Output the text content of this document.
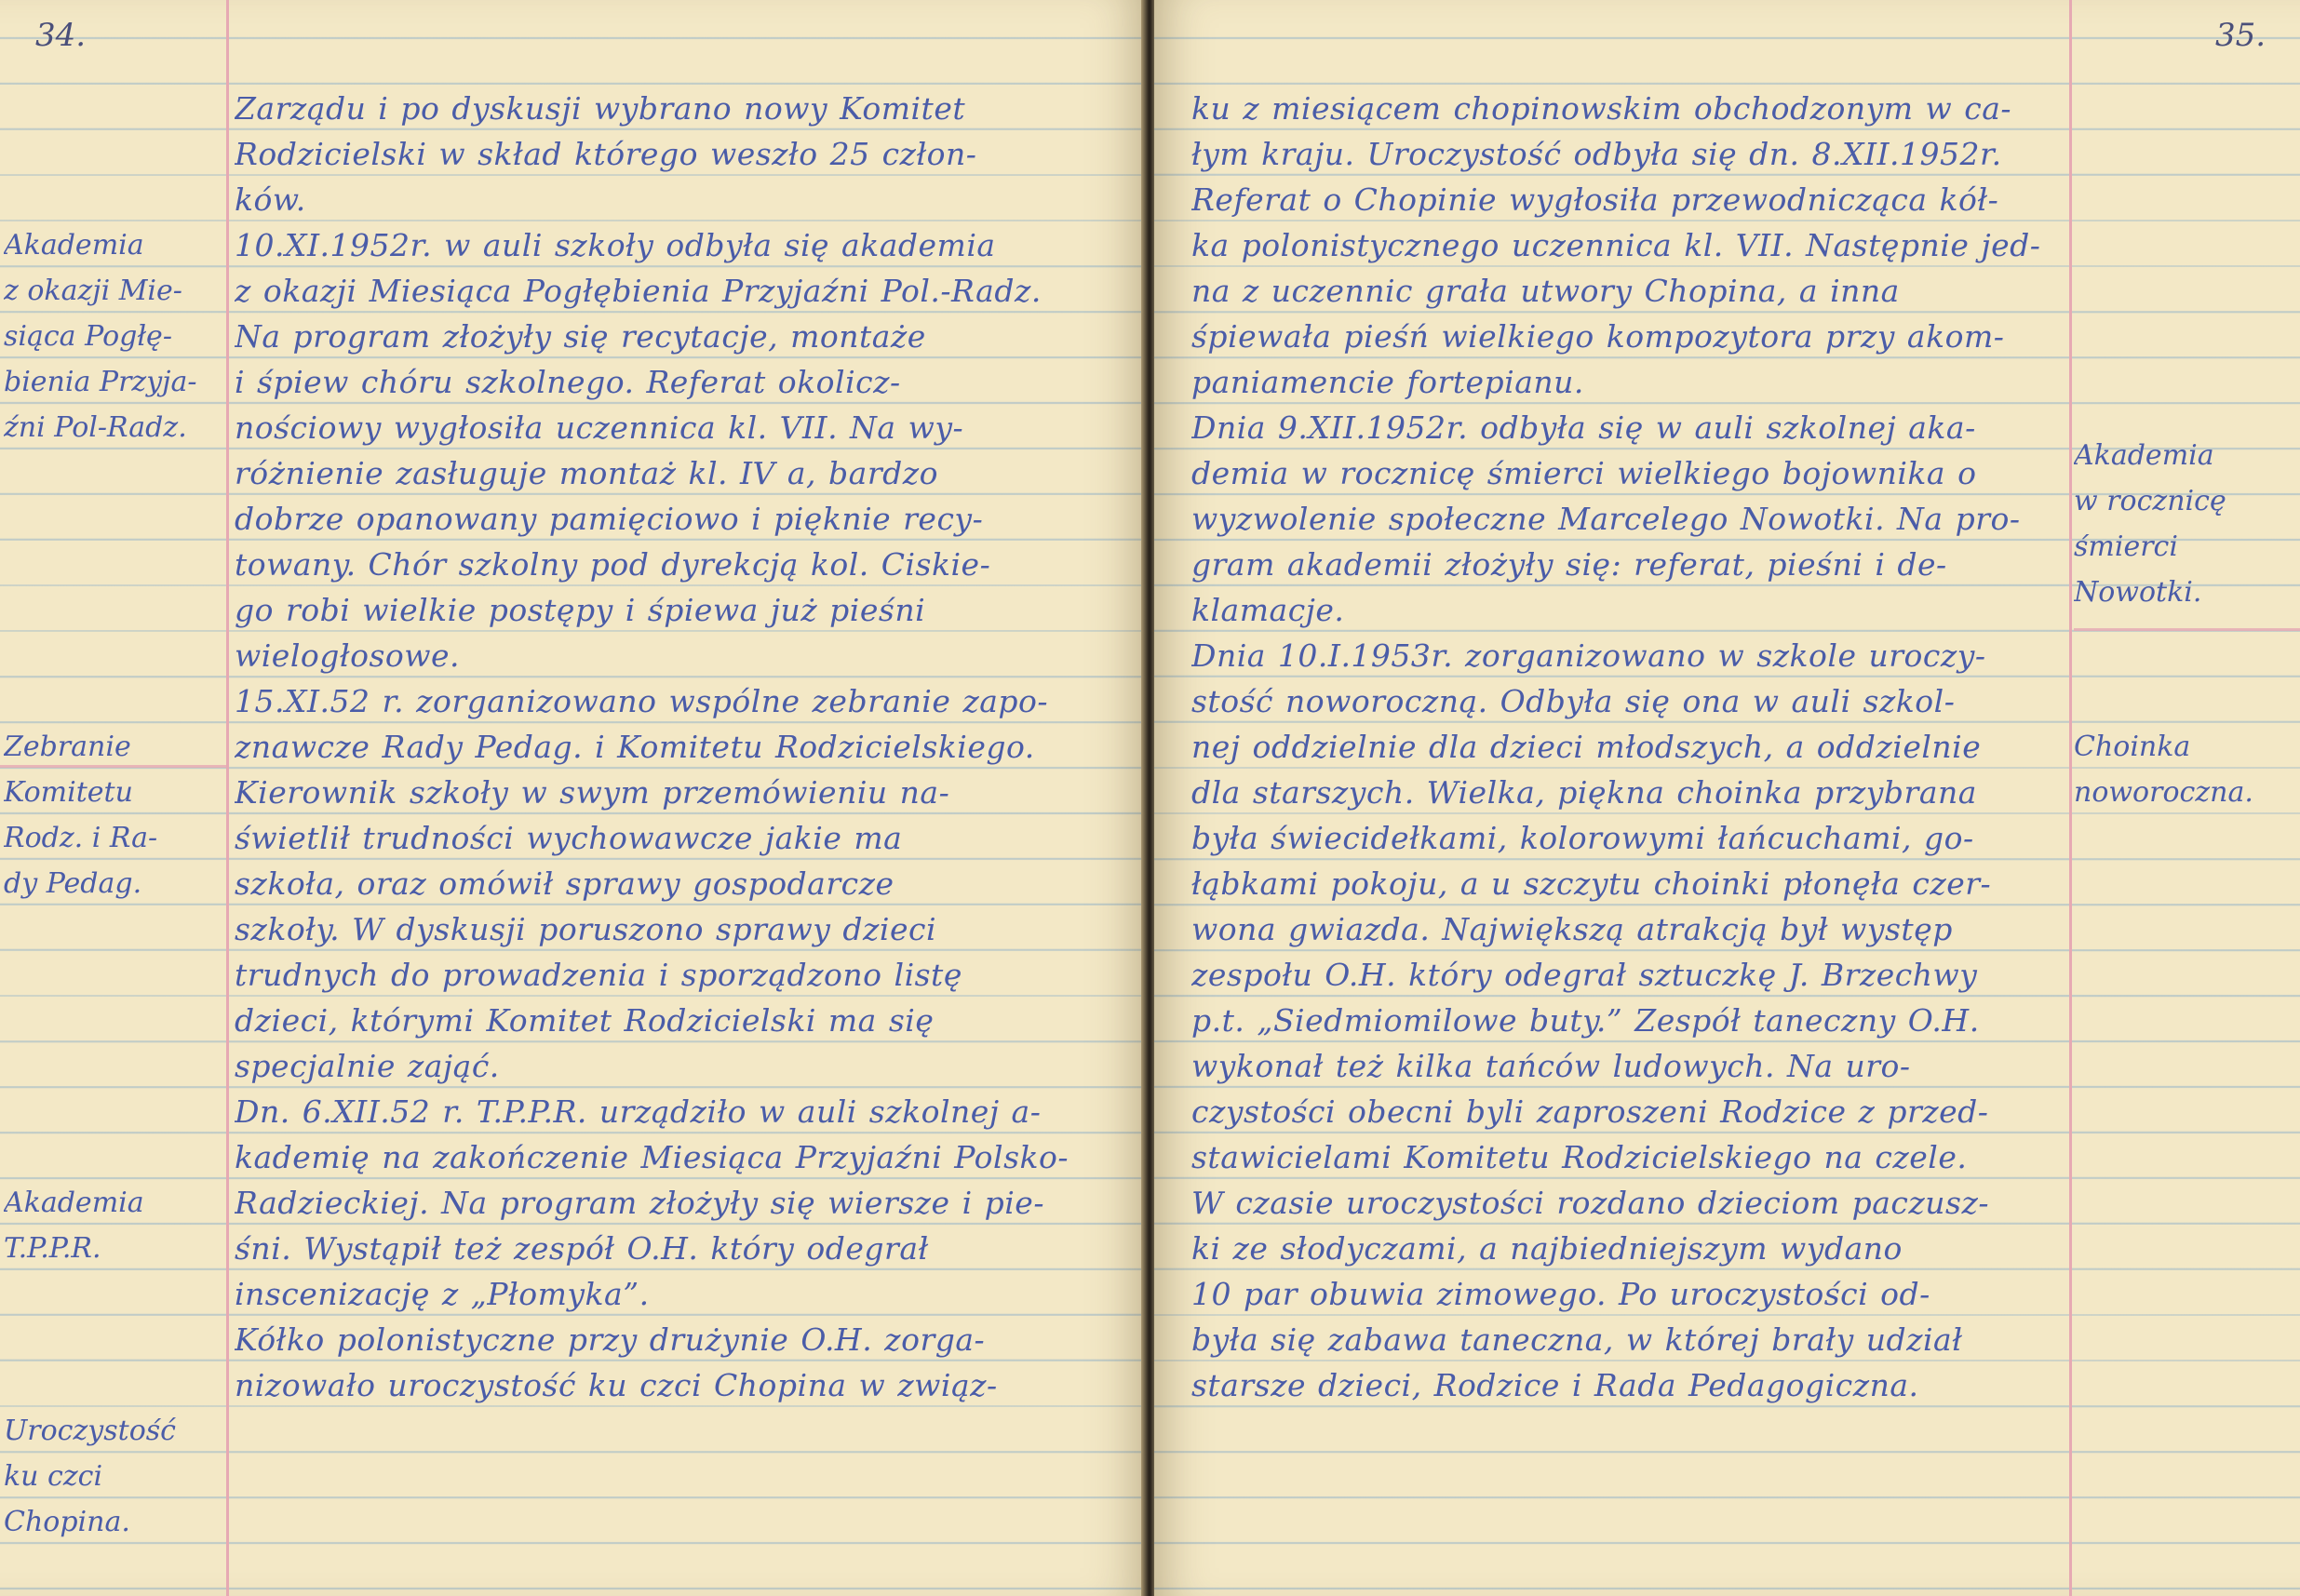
34.
Zarządu i po dyskusji wybrano nowy Komitet
Rodzicielski w skład którego weszło 25 człon-
ków.
10.XI.1952r. w auli szkoły odbyła się akademia
z okazji Miesiąca Pogłębienia Przyjaźni Pol.-Radz.
Na program złożyły się recytacje, montaże
i śpiew chóru szkolnego. Referat okolicz-
nościowy wygłosiła uczennica kl. VII. Na wy-
różnienie zasługuje montaż kl. IV a, bardzo
dobrze opanowany pamięciowo i pięknie recy-
towany. Chór szkolny pod dyrekcją kol. Ciskie-
go robi wielkie postępy i śpiewa już pieśni
wielogłosowe.
15.XI.52 r. zorganizowano wspólne zebranie zapo-
znawcze Rady Pedag. i Komitetu Rodzicielskiego.
Kierownik szkoły w swym przemówieniu na-
świetlił trudności wychowawcze jakie ma
szkoła, oraz omówił sprawy gospodarcze
szkoły. W dyskusji poruszono sprawy dzieci
trudnych do prowadzenia i sporządzono listę
dzieci, którymi Komitet Rodzicielski ma się
specjalnie zająć.
Dn. 6.XII.52 r. T.P.P.R. urządziło w auli szkolnej a-
kademię na zakończenie Miesiąca Przyjaźni Polsko-
Radzieckiej. Na program złożyły się wiersze i pie-
śni. Wystąpił też zespół O.H. który odegrał
inscenizację z „Płomyka”.
Kółko polonistyczne przy drużynie O.H. zorga-
nizowało uroczystość ku czci Chopina w związ-
Akademia
z okazji Mie-
siąca Pogłę-
bienia Przyja-
źni Pol-Radz.
Zebranie
Komitetu
Rodz. i Ra-
dy Pedag.
Akademia
T.P.P.R.
Uroczystość
ku czci
Chopina.
35.
ku z miesiącem chopinowskim obchodzonym w ca-
łym kraju. Uroczystość odbyła się dn. 8.XII.1952r.
Referat o Chopinie wygłosiła przewodnicząca kół-
ka polonistycznego uczennica kl. VII. Następnie jed-
na z uczennic grała utwory Chopina, a inna
śpiewała pieśń wielkiego kompozytora przy akom-
paniamencie fortepianu.
Dnia 9.XII.1952r. odbyła się w auli szkolnej aka-
demia w rocznicę śmierci wielkiego bojownika o
wyzwolenie społeczne Marcelego Nowotki. Na pro-
gram akademii złożyły się: referat, pieśni i de-
klamacje.
Dnia 10.I.1953r. zorganizowano w szkole uroczy-
stość noworoczną. Odbyła się ona w auli szkol-
nej oddzielnie dla dzieci młodszych, a oddzielnie
dla starszych. Wielka, piękna choinka przybrana
była świecidełkami, kolorowymi łańcuchami, go-
łąbkami pokoju, a u szczytu choinki płonęła czer-
wona gwiazda. Największą atrakcją był występ
zespołu O.H. który odegrał sztuczkę J. Brzechwy
p.t. „Siedmiomilowe buty.” Zespół taneczny O.H.
wykonał też kilka tańców ludowych. Na uro-
czystości obecni byli zaproszeni Rodzice z przed-
stawicielami Komitetu Rodzicielskiego na czele.
W czasie uroczystości rozdano dzieciom paczusz-
ki ze słodyczami, a najbiedniejszym wydano
10 par obuwia zimowego. Po uroczystości od-
była się zabawa taneczna, w której brały udział
starsze dzieci, Rodzice i Rada Pedagogiczna.
Akademia
w rocznicę
śmierci
Nowotki.
Choinka
noworoczna.
